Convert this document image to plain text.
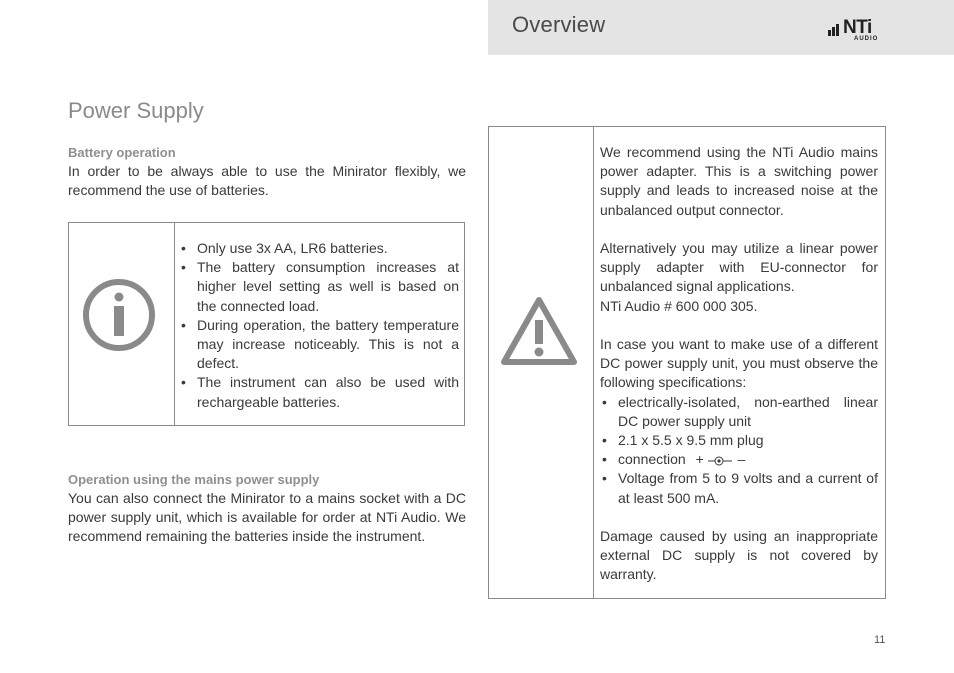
Overview	NTi
AUDIO
Power Supply
Battery operation
In order to be always able to use the Minirator flexibly, we recommend the use of batteries.
• Only use 3x AA, LR6 batteries.
• The battery consumption increases at higher level setting as well is based on the connected load.
• During operation, the battery temperature may increase noticeably. This is not a defect.
• The instrument can also be used with rechargeable batteries.
Operation using the mains power supply
You can also connect the Minirator to a mains socket with a DC power supply unit, which is available for order at NTi Audio. We recommend remaining the batteries inside the instrument.
We recommend using the NTi Audio mains power adapter. This is a switching power supply and leads to increased noise at the unbalanced output connector.
Alternatively you may utilize a linear power supply adapter with EU-connector for unbalanced signal applications.
NTi Audio # 600 000 305.
In case you want to make use of a different DC power supply unit, you must observe the following specifications:
• electrically-isolated, non-earthed linear DC power supply unit
• 2.1 x 5.5 x 9.5 mm plug
• connection + –
• Voltage from 5 to 9 volts and a current of at least 500 mA.
Damage caused by using an inappropriate external DC supply is not covered by warranty.
11
